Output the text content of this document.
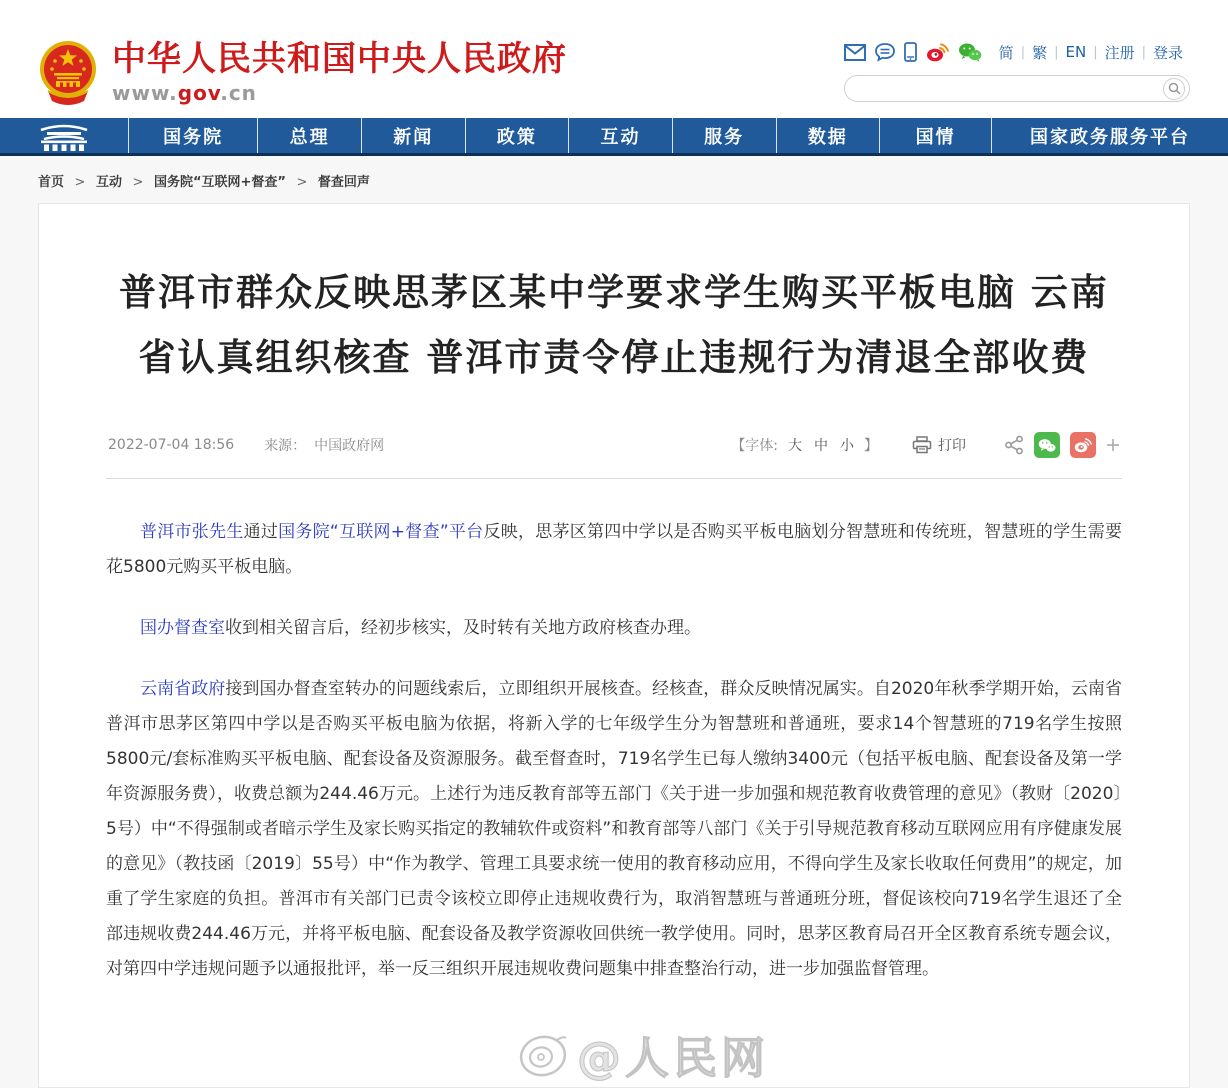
中华人民共和国中央人民政府
www.gov.cn
简 | 繁 | EN | 注册 | 登录
国务院	总理	新闻	政策	互动	服务	数据	国情	国家政务服务平台
首页 > 互动 > 国务院“互联网+督查” > 督查回声
普洱市群众反映思茅区某中学要求学生购买平板电脑 云南省认真组织核查 普洱市责令停止违规行为清退全部收费
2022-07-04 18:56 来源： 中国政府网	【字体: 大 中 小 】	打印

普洱市张先生通过国务院“互联网+督查”平台反映，思茅区第四中学以是否购买平板电脑划分智慧班和传统班，智慧班的学生需要花5800元购买平板电脑。

国办督查室收到相关留言后，经初步核实，及时转有关地方政府核查办理。

云南省政府接到国办督查室转办的问题线索后，立即组织开展核查。经核查，群众反映情况属实。自2020年秋季学期开始，云南省普洱市思茅区第四中学以是否购买平板电脑为依据，将新入学的七年级学生分为智慧班和普通班，要求14个智慧班的719名学生按照5800元/套标准购买平板电脑、配套设备及资源服务。截至督查时，719名学生已每人缴纳3400元（包括平板电脑、配套设备及第一学年资源服务费），收费总额为244.46万元。上述行为违反教育部等五部门《关于进一步加强和规范教育收费管理的意见》（教财〔2020〕5号）中“不得强制或者暗示学生及家长购买指定的教辅软件或资料”和教育部等八部门《关于引导规范教育移动互联网应用有序健康发展的意见》（教技函〔2019〕55号）中“作为教学、管理工具要求统一使用的教育移动应用，不得向学生及家长收取任何费用”的规定，加重了学生家庭的负担。普洱市有关部门已责令该校立即停止违规收费行为，取消智慧班与普通班分班，督促该校向719名学生退还了全部违规收费244.46万元，并将平板电脑、配套设备及教学资源收回供统一教学使用。同时，思茅区教育局召开全区教育系统专题会议，对第四中学违规问题予以通报批评，举一反三组织开展违规收费问题集中排查整治行动，进一步加强监督管理。

@人民网
